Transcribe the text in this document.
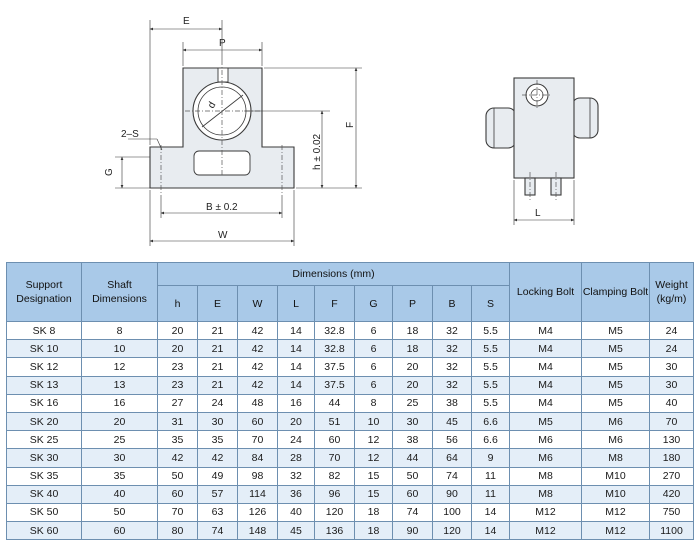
E
P
d
2–S
G
h ± 0.02
F
B ± 0.2
W
L
Support Designation	Shaft Dimensions	Dimensions (mm)									Locking Bolt	Clamping Bolt	Weight (kg/m)
		h	E	W	L	F	G	P	B	S			
SK 8	8	20	21	42	14	32.8	6	18	32	5.5	M4	M5	24
SK 10	10	20	21	42	14	32.8	6	18	32	5.5	M4	M5	24
SK 12	12	23	21	42	14	37.5	6	20	32	5.5	M4	M5	30
SK 13	13	23	21	42	14	37.5	6	20	32	5.5	M4	M5	30
SK 16	16	27	24	48	16	44	8	25	38	5.5	M4	M5	40
SK 20	20	31	30	60	20	51	10	30	45	6.6	M5	M6	70
SK 25	25	35	35	70	24	60	12	38	56	6.6	M6	M6	130
SK 30	30	42	42	84	28	70	12	44	64	9	M6	M8	180
SK 35	35	50	49	98	32	82	15	50	74	11	M8	M10	270
SK 40	40	60	57	114	36	96	15	60	90	11	M8	M10	420
SK 50	50	70	63	126	40	120	18	74	100	14	M12	M12	750
SK 60	60	80	74	148	45	136	18	90	120	14	M12	M12	1100
